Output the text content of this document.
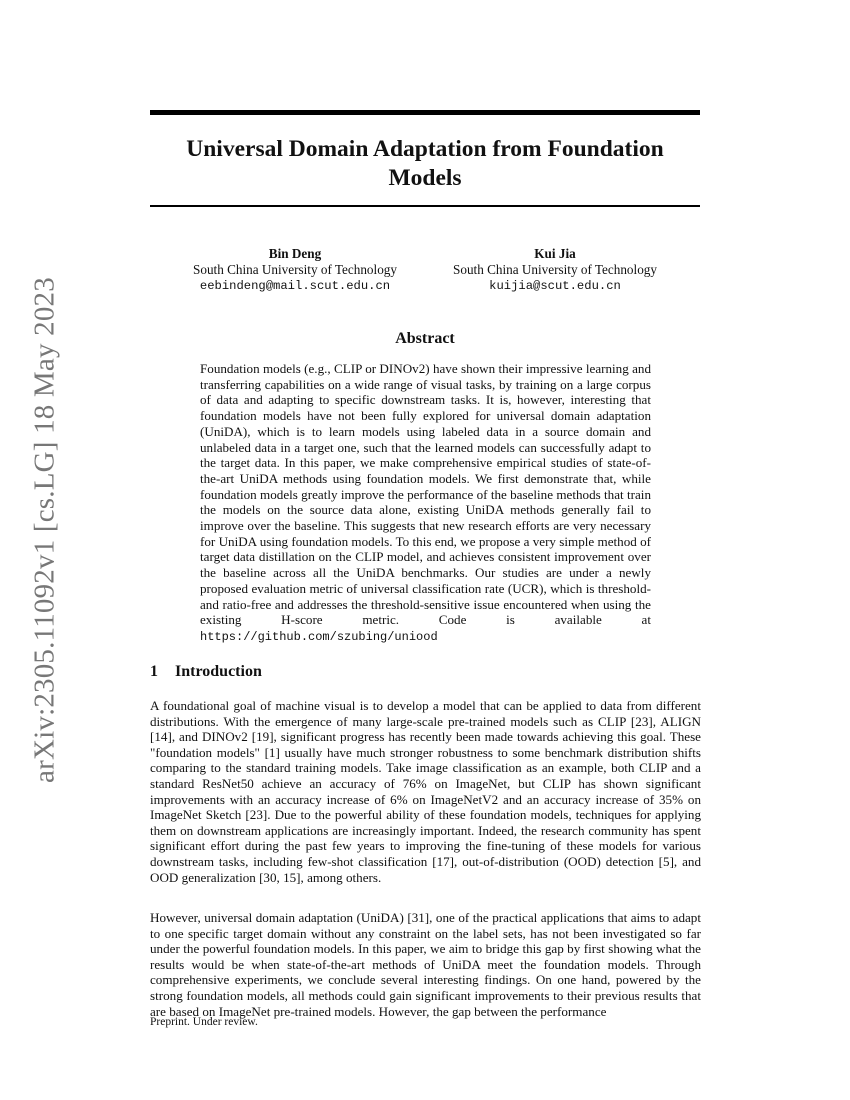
arXiv:2305.11092v1 [cs.LG] 18 May 2023
Universal Domain Adaptation from Foundation Models
Bin Deng
South China University of Technology
eebindeng@mail.scut.edu.cn
Kui Jia
South China University of Technology
kuijia@scut.edu.cn
Abstract
Foundation models (e.g., CLIP or DINOv2) have shown their impressive learning and transferring capabilities on a wide range of visual tasks, by training on a large corpus of data and adapting to specific downstream tasks. It is, however, interesting that foundation models have not been fully explored for universal domain adaptation (UniDA), which is to learn models using labeled data in a source domain and unlabeled data in a target one, such that the learned models can successfully adapt to the target data. In this paper, we make comprehensive empirical studies of state-of-the-art UniDA methods using foundation models. We first demonstrate that, while foundation models greatly improve the performance of the baseline methods that train the models on the source data alone, existing UniDA methods generally fail to improve over the baseline. This suggests that new research efforts are very necessary for UniDA using foundation models. To this end, we propose a very simple method of target data distillation on the CLIP model, and achieves consistent improvement over the baseline across all the UniDA benchmarks. Our studies are under a newly proposed evaluation metric of universal classification rate (UCR), which is threshold- and ratio-free and addresses the threshold-sensitive issue encountered when using the existing H-score metric. Code is available at https://github.com/szubing/uniood
1 Introduction
A foundational goal of machine visual is to develop a model that can be applied to data from different distributions. With the emergence of many large-scale pre-trained models such as CLIP [23], ALIGN [14], and DINOv2 [19], significant progress has recently been made towards achieving this goal. These "foundation models" [1] usually have much stronger robustness to some benchmark distribution shifts comparing to the standard training models. Take image classification as an example, both CLIP and a standard ResNet50 achieve an accuracy of 76% on ImageNet, but CLIP has shown significant improvements with an accuracy increase of 6% on ImageNetV2 and an accuracy increase of 35% on ImageNet Sketch [23]. Due to the powerful ability of these foundation models, techniques for applying them on downstream applications are increasingly important. Indeed, the research community has spent significant effort during the past few years to improving the fine-tuning of these models for various downstream tasks, including few-shot classification [17], out-of-distribution (OOD) detection [5], and OOD generalization [30, 15], among others.
However, universal domain adaptation (UniDA) [31], one of the practical applications that aims to adapt to one specific target domain without any constraint on the label sets, has not been investigated so far under the powerful foundation models. In this paper, we aim to bridge this gap by first showing what the results would be when state-of-the-art methods of UniDA meet the foundation models. Through comprehensive experiments, we conclude several interesting findings. On one hand, powered by the strong foundation models, all methods could gain significant improvements to their previous results that are based on ImageNet pre-trained models. However, the gap between the performance
Preprint. Under review.
